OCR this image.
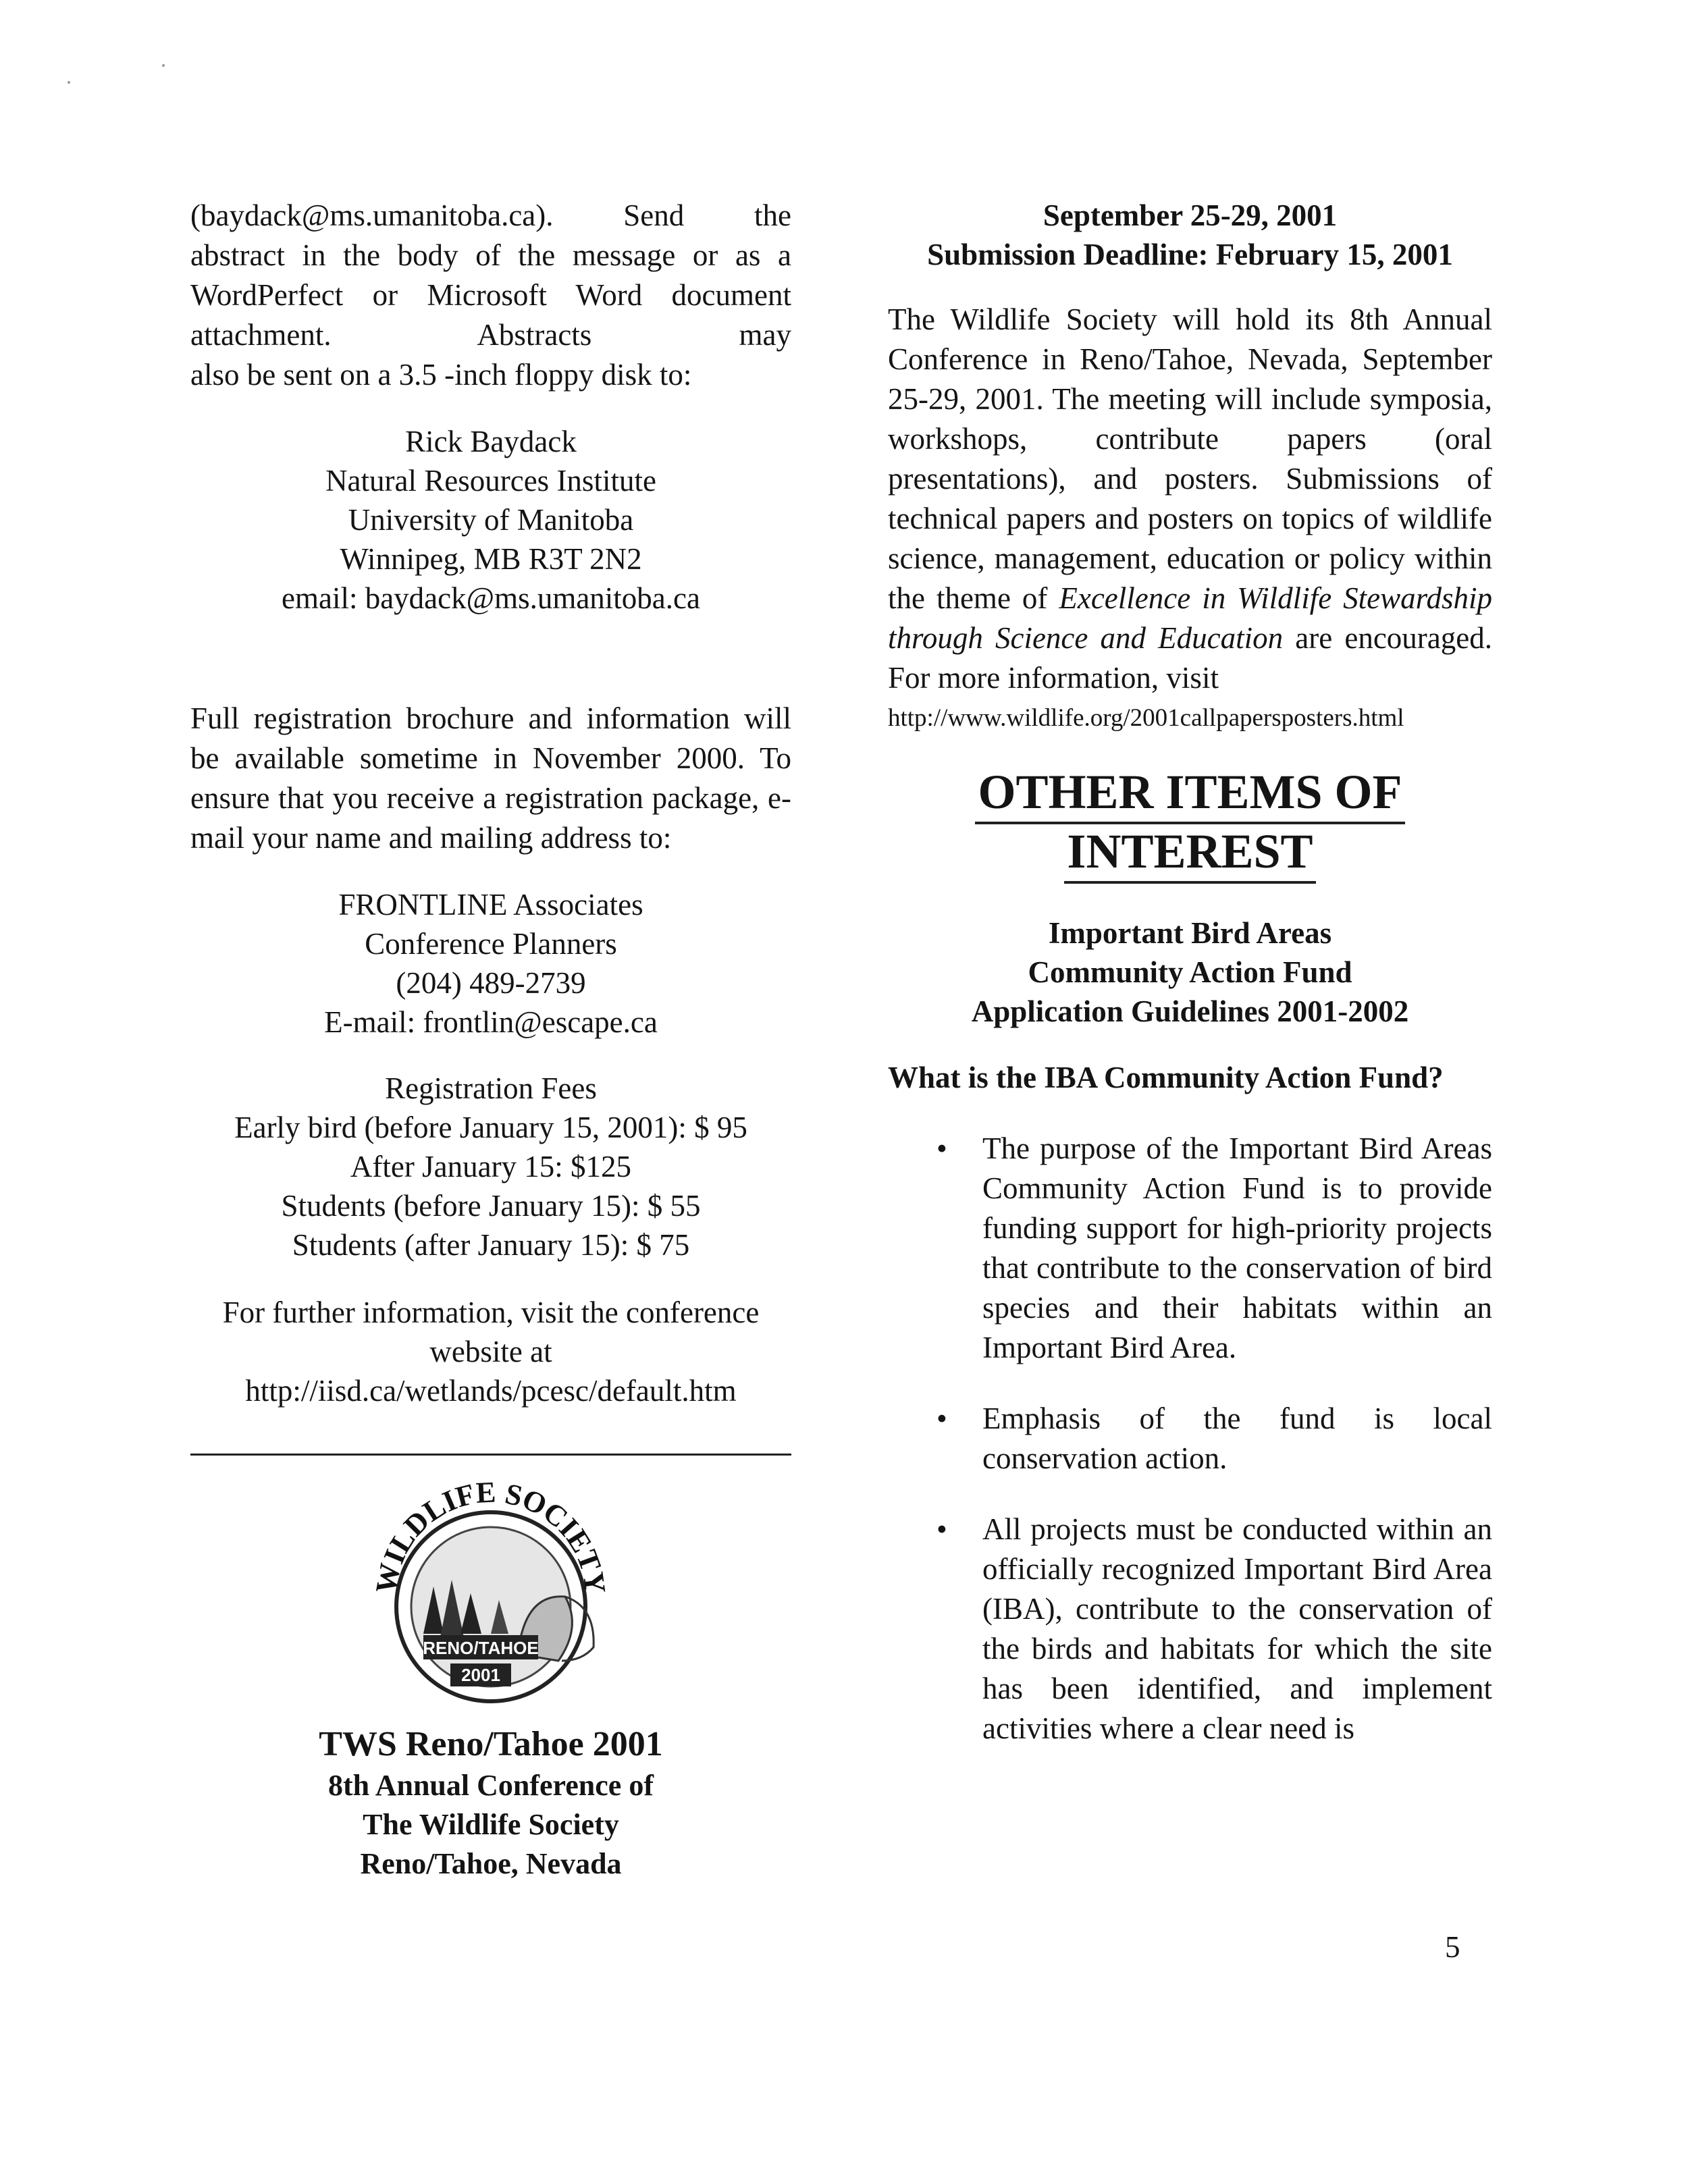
(baydack@ms.umanitoba.ca). Send the

abstract in the body of the message or as a

WordPerfect or Microsoft Word document

attachment. Abstracts may

also be sent on a 3.5 -inch floppy disk to:

Rick Baydack

Natural Resources Institute

University of Manitoba

Winnipeg, MB R3T 2N2

email: baydack@ms.umanitoba.ca

Full registration brochure and information will be available sometime in November 2000. To ensure that you receive a registration package, e-mail your name and mailing address to:

FRONTLINE Associates

Conference Planners

(204) 489-2739

E-mail: frontlin@escape.ca

Registration Fees

Early bird (before January 15, 2001): $ 95

After January 15: $125

Students (before January 15): $ 55

Students (after January 15): $ 75

For further information, visit the conference

website at

http://iisd.ca/wetlands/pcesc/default.htm

WILDLIFE SOCIETY
RENO/TAHOE
2001

TWS Reno/Tahoe 2001

8th Annual Conference of

The Wildlife Society

Reno/Tahoe, Nevada

September 25-29, 2001

Submission Deadline: February 15, 2001

The Wildlife Society will hold its 8th Annual Conference in Reno/Tahoe, Nevada, September 25-29, 2001. The meeting will include symposia, workshops, contribute papers (oral presentations), and posters. Submissions of technical papers and posters on topics of wildlife science, management, education or policy within the theme of Excellence in Wildlife Stewardship through Science and Education are encouraged. For more information, visit

http://www.wildlife.org/2001callpapersposters.html

OTHER ITEMS OF
INTEREST

Important Bird Areas

Community Action Fund

Application Guidelines 2001-2002

What is the IBA Community Action Fund?

• The purpose of the Important Bird Areas Community Action Fund is to provide funding support for high-priority projects that contribute to the conservation of bird species and their habitats within an Important Bird Area.
• Emphasis of the fund is local conservation action.
• All projects must be conducted within an officially recognized Important Bird Area (IBA), contribute to the conservation of the birds and habitats for which the site has been identified, and implement activities where a clear need is
5
